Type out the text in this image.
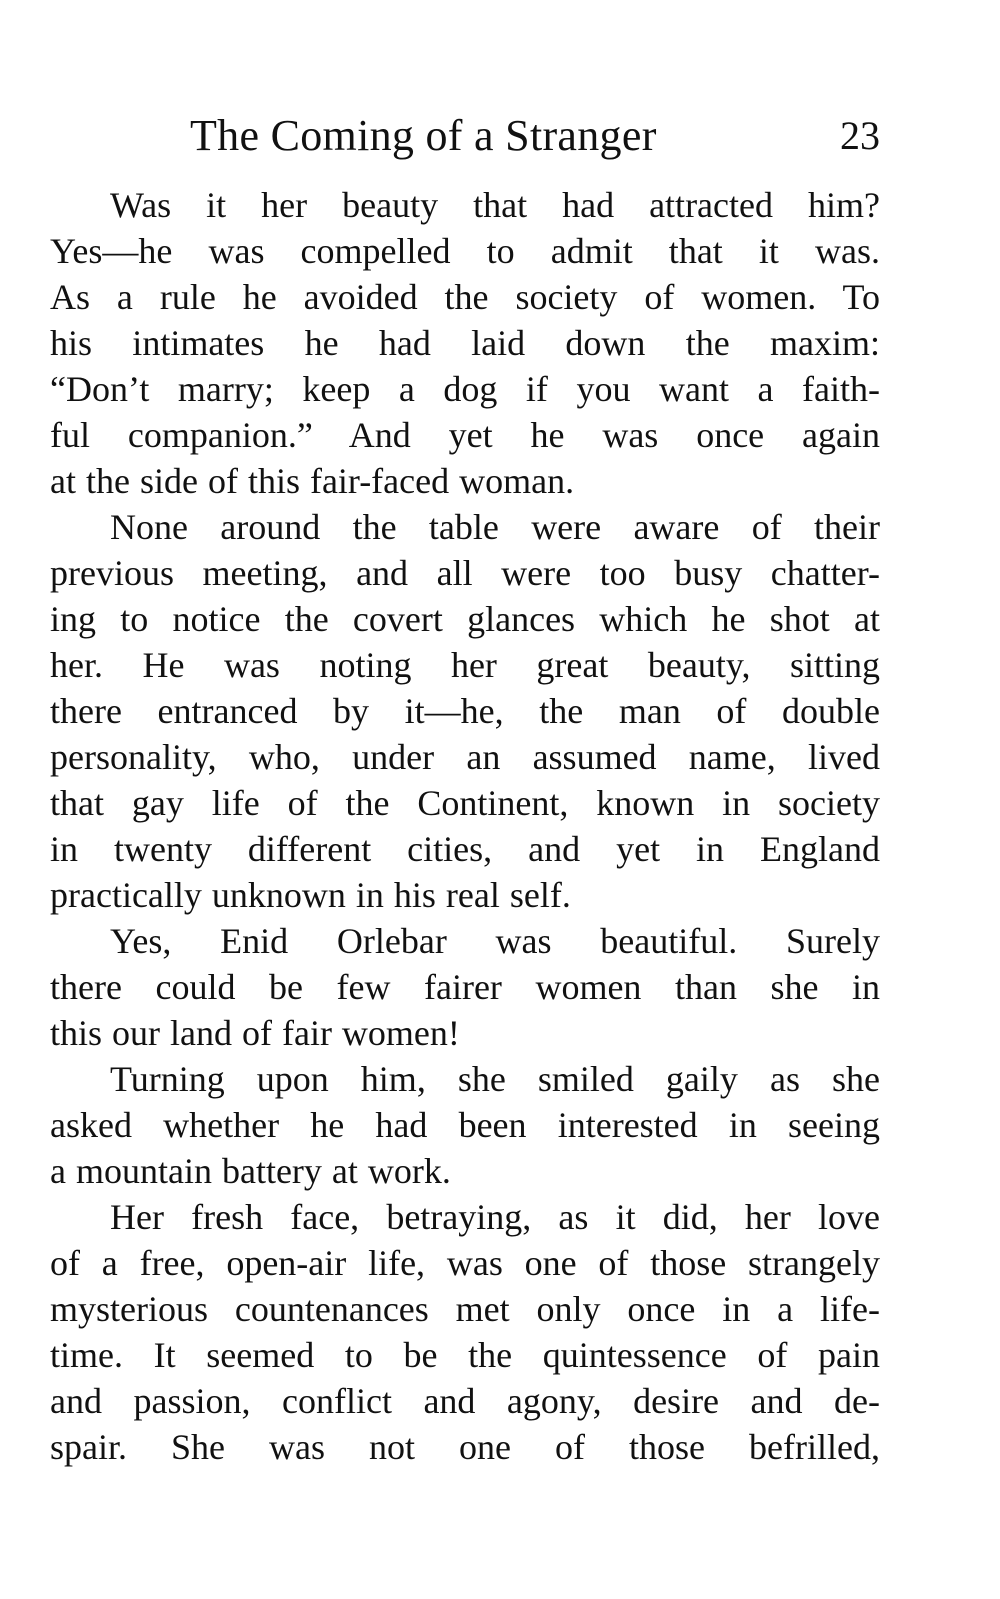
The Coming of a Stranger	23
Was it her beauty that had attracted him?
Yes—he was compelled to admit that it was.
As a rule he avoided the society of women. To
his intimates he had laid down the maxim:
“Don’t marry; keep a dog if you want a faith-
ful companion.” And yet he was once again
at the side of this fair-faced woman.
None around the table were aware of their
previous meeting, and all were too busy chatter-
ing to notice the covert glances which he shot at
her. He was noting her great beauty, sitting
there entranced by it—he, the man of double
personality, who, under an assumed name, lived
that gay life of the Continent, known in society
in twenty different cities, and yet in England
practically unknown in his real self.
Yes, Enid Orlebar was beautiful. Surely
there could be few fairer women than she in
this our land of fair women!
Turning upon him, she smiled gaily as she
asked whether he had been interested in seeing
a mountain battery at work.
Her fresh face, betraying, as it did, her love
of a free, open-air life, was one of those strangely
mysterious countenances met only once in a life-
time. It seemed to be the quintessence of pain
and passion, conflict and agony, desire and de-
spair. She was not one of those befrilled,
